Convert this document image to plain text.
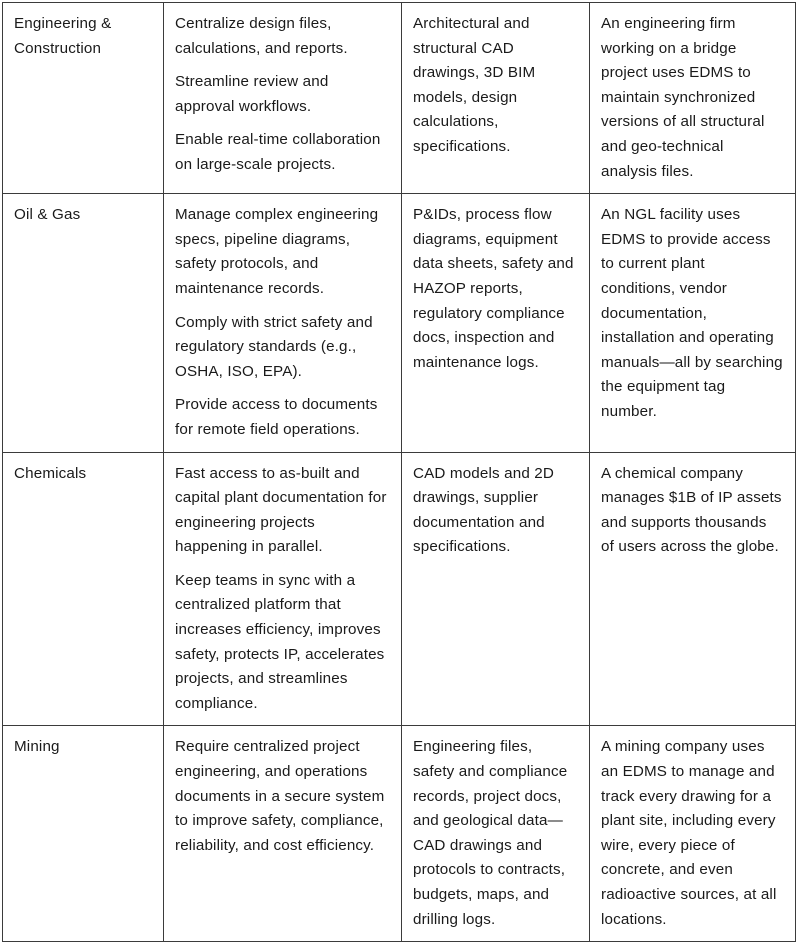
Engineering & Construction	Centralize design files, calculations, and reports.

Streamline review and approval workflows.

Enable real-time collaboration on large-scale projects.	Architectural and structural CAD drawings, 3D BIM models, design calculations, specifications.	An engineering firm working on a bridge project uses EDMS to maintain synchronized versions of all structural and geo-technical analysis files.

Oil & Gas	Manage complex engineering specs, pipeline diagrams, safety protocols, and maintenance records.

Comply with strict safety and regulatory standards (e.g., OSHA, ISO, EPA).

Provide access to documents for remote field operations.	P&IDs, process flow diagrams, equipment data sheets, safety and HAZOP reports, regulatory compliance docs, inspection and maintenance logs.	An NGL facility uses EDMS to provide access to current plant conditions, vendor documentation, installation and operating manuals—all by searching the equipment tag number.

Chemicals	Fast access to as-built and capital plant documentation for engineering projects happening in parallel.

Keep teams in sync with a centralized platform that increases efficiency, improves safety, protects IP, accelerates projects, and streamlines compliance.	CAD models and 2D drawings, supplier documentation and specifications.	A chemical company manages $1B of IP assets and supports thousands of users across the globe.

Mining	Require centralized project engineering, and operations documents in a secure system to improve safety, compliance, reliability, and cost efficiency.	Engineering files, safety and compliance records, project docs, and geological data—CAD drawings and protocols to contracts, budgets, maps, and drilling logs.	A mining company uses an EDMS to manage and track every drawing for a plant site, including every wire, every piece of concrete, and even radioactive sources, at all locations.
